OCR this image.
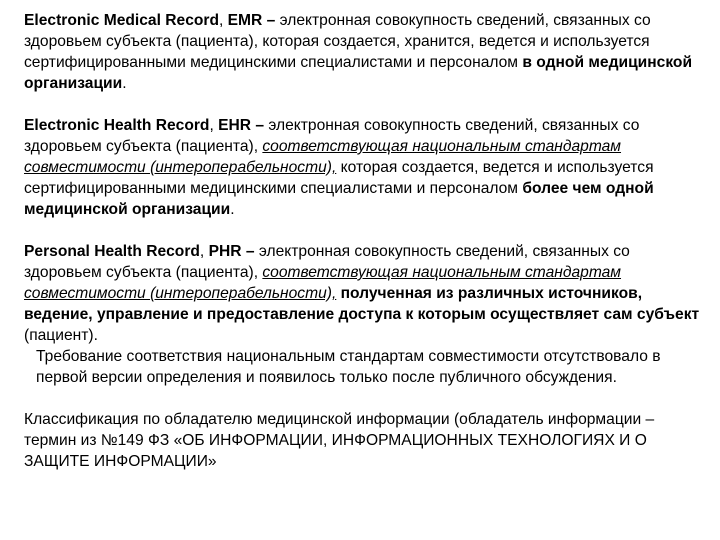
Electronic Medical Record, EMR – электронная совокупность сведений, связанных со здоровьем субъекта (пациента), которая создается, хранится, ведется и используется сертифицированными медицинскими специалистами и персоналом в одной медицинской организации.

Electronic Health Record, EHR – электронная совокупность сведений, связанных со здоровьем субъекта (пациента), соответствующая национальным стандартам совместимости (интероперабельности), которая создается, ведется и используется сертифицированными медицинскими специалистами и персоналом более чем одной медицинской организации.

Personal Health Record, PHR – электронная совокупность сведений, связанных со здоровьем субъекта (пациента), соответствующая национальным стандартам совместимости (интероперабельности), полученная из различных источников, ведение, управление и предоставление доступа к которым осуществляет сам субъект (пациент).

Требование соответствия национальным стандартам совместимости отсутствовало в первой версии определения и появилось только после публичного обсуждения.

Классификация по обладателю медицинской информации (обладатель информации – термин из №149 ФЗ «ОБ ИНФОРМАЦИИ, ИНФОРМАЦИОННЫХ ТЕХНОЛОГИЯХ И О ЗАЩИТЕ ИНФОРМАЦИИ»
